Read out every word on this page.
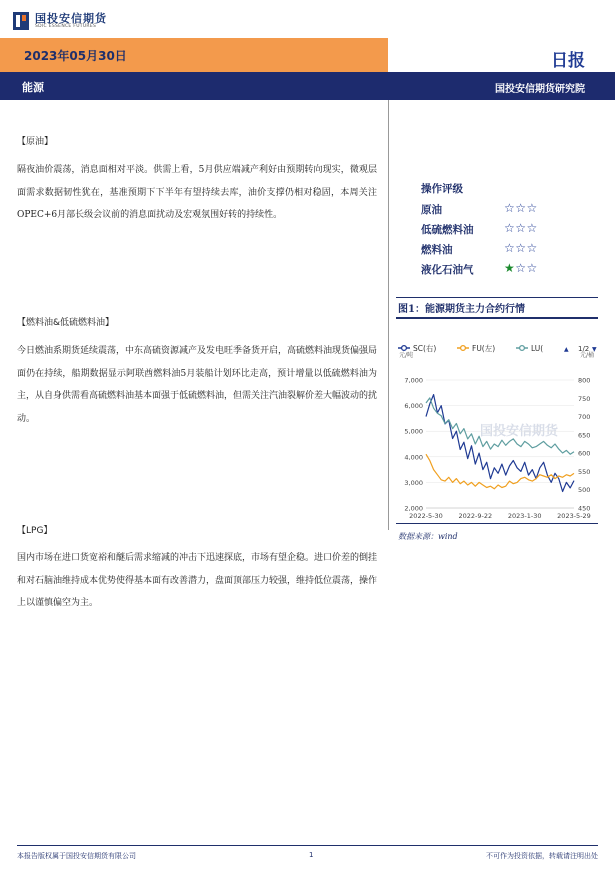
国投安信期货
SDIC ESSENCE FUTURES
2023年05月30日	日报
能源	国投安信期货研究院
【原油】
隔夜油价震荡，消息面相对平淡。供需上看，5月供应端减产利好由预期转向现实，微观层面需求数据韧性犹在，基准预期下下半年有望持续去库，油价支撑仍相对稳固，本周关注OPEC+6月部长级会议前的消息面扰动及宏观氛围好转的持续性。
【燃料油&低硫燃料油】
今日燃油系期货延续震荡，中东高硫资源减产及发电旺季备货开启，高硫燃料油现货偏强局面仍在持续，船期数据显示阿联酋燃料油5月装船计划环比走高，预计增量以低硫燃料油为主，从自身供需看高硫燃料油基本面强于低硫燃料油，但需关注汽油裂解价差大幅波动的扰动。
【LPG】
国内市场在进口货宽裕和醚后需求缩减的冲击下迅速探底，市场有望企稳。进口价差的倒挂和对石脑油维持成本优势使得基本面有改善潜力，盘面顶部压力较强，维持低位震荡，操作上以谨慎偏空为主。
操作评级
原油	☆☆☆
低硫燃料油	☆☆☆
燃料油	☆☆☆
液化石油气	★☆☆
图1：能源期货主力合约行情
国投安信期货
SC(右)	FU(左)	LU(	▲ 1/2 ▼
元/吨	元/桶
7,000
6,000
5,000
4,000
3,000
2,000
800
750
700
650
600
550
500
450
2022-5-30 2022-9-22 2023-1-30 2023-5-29
数据来源：wind
本报告版权属于国投安信期货有限公司	1	不可作为投资依据，转载请注明出处
